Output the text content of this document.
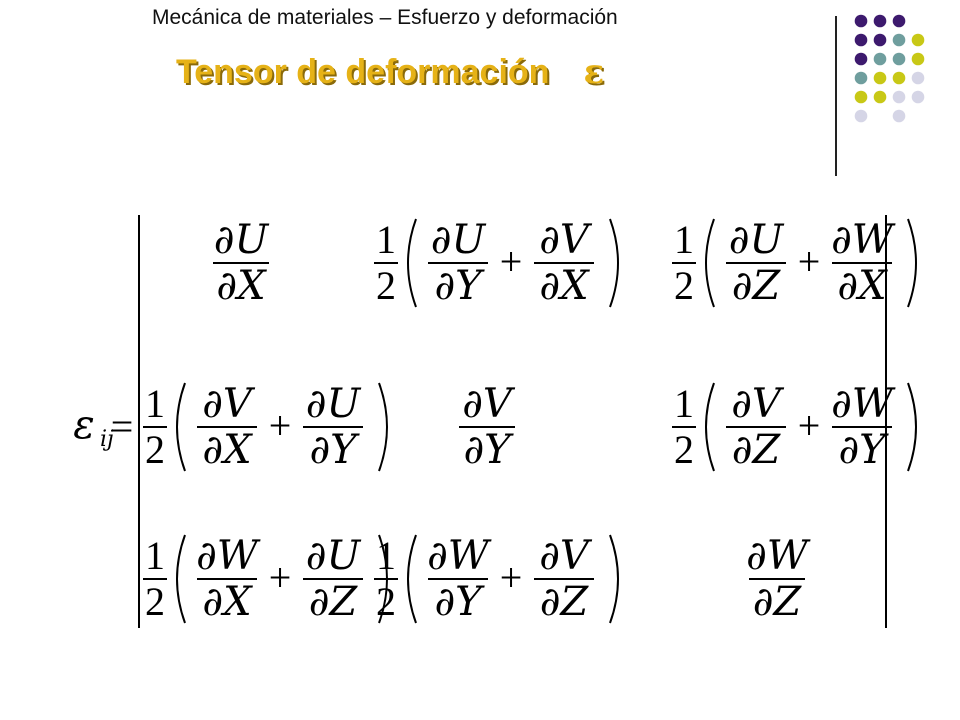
Mecánica de materiales – Esfuerzo y deformación
Tensor de deformación ε
ε ij
=
∂U
∂X
1
2
∂U
∂Y
+ ∂V
∂X
1
2
∂U
∂Z
+ ∂W
∂X
1
2
∂V
∂X
+ ∂U
∂Y
∂V
∂Y
1
2
∂V
∂Z
+ ∂W
∂Y
1
2
∂W
∂X
+ ∂U
∂Z
1
2
∂W
∂Y
+ ∂V
∂Z
∂W
∂Z
